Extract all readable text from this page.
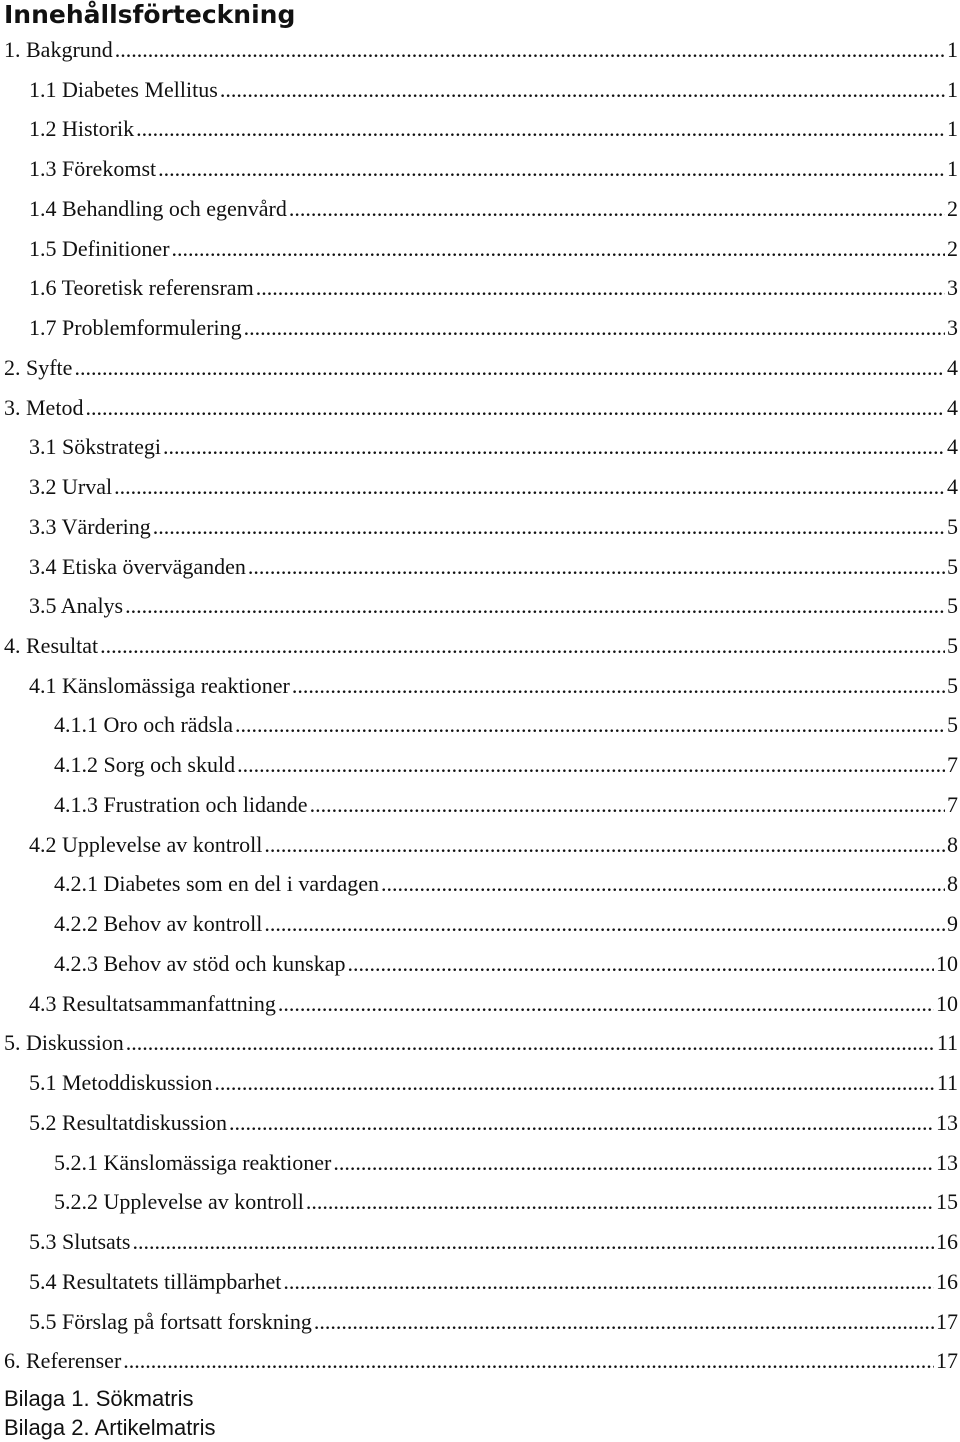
Innehållsförteckning
1. Bakgrund .....	1
1.1 Diabetes Mellitus .....	1
1.2 Historik .....	1
1.3 Förekomst .....	1
1.4 Behandling och egenvård .....	2
1.5 Definitioner .....	2
1.6 Teoretisk referensram .....	3
1.7 Problemformulering .....	3
2. Syfte .....	4
3. Metod .....	4
3.1 Sökstrategi .....	4
3.2 Urval .....	4
3.3 Värdering .....	5
3.4 Etiska överväganden .....	5
3.5 Analys .....	5
4. Resultat .....	5
4.1 Känslomässiga reaktioner .....	5
4.1.1 Oro och rädsla .....	5
4.1.2 Sorg och skuld .....	7
4.1.3 Frustration och lidande .....	7
4.2 Upplevelse av kontroll .....	8
4.2.1 Diabetes som en del i vardagen .....	8
4.2.2 Behov av kontroll .....	9
4.2.3 Behov av stöd och kunskap .....	10
4.3 Resultatsammanfattning .....	10
5. Diskussion .....	11
5.1 Metoddiskussion .....	11
5.2 Resultatdiskussion .....	13
5.2.1 Känslomässiga reaktioner .....	13
5.2.2 Upplevelse av kontroll .....	15
5.3 Slutsats .....	16
5.4 Resultatets tillämpbarhet .....	16
5.5 Förslag på fortsatt forskning .....	17
6. Referenser .....	17
Bilaga 1. Sökmatris
Bilaga 2. Artikelmatris
